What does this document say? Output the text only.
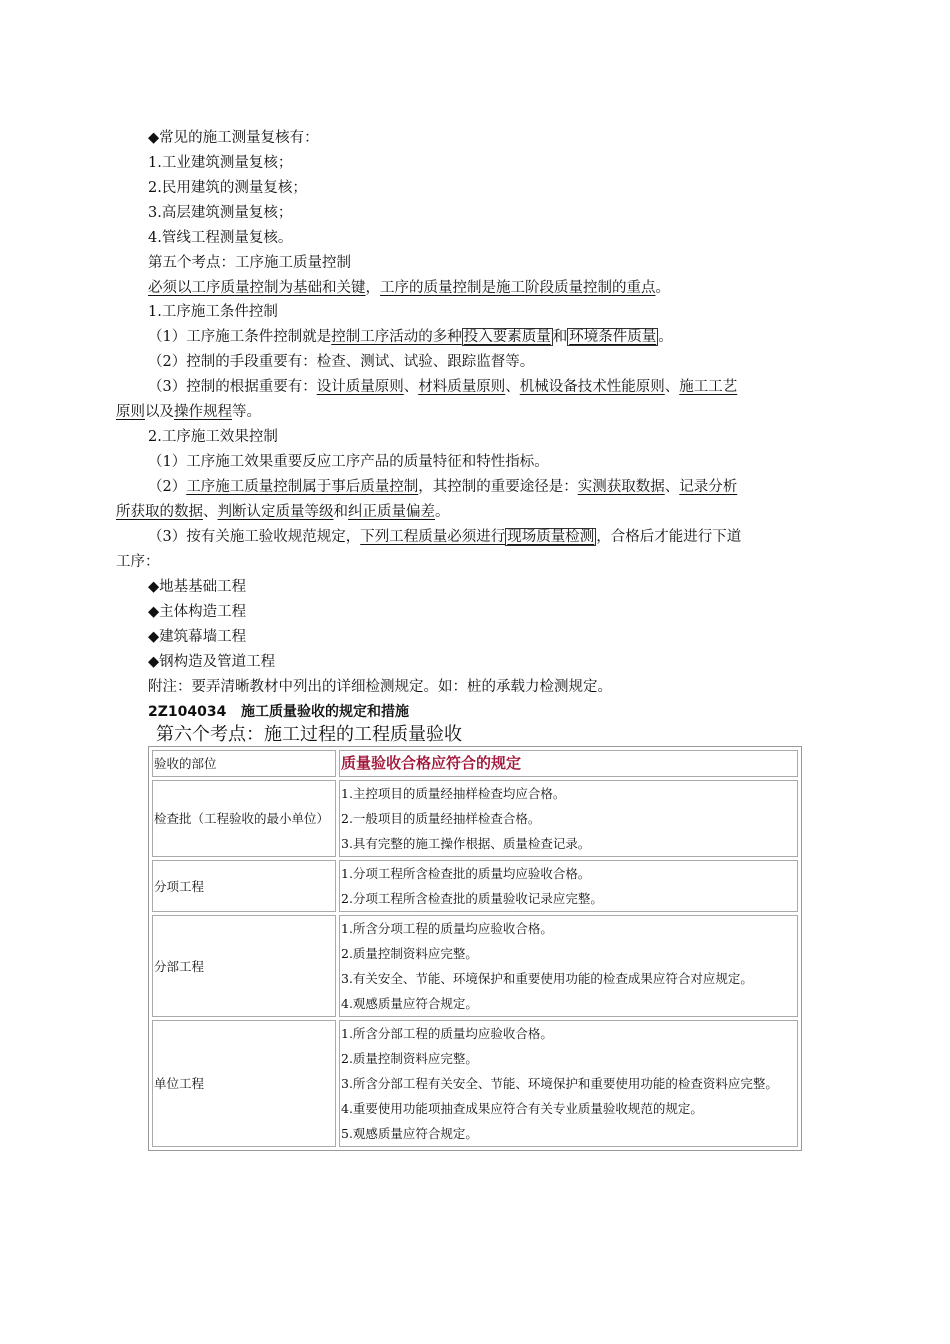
◆常见的施工测量复核有：
1.工业建筑测量复核；
2.民用建筑的测量复核；
3.高层建筑测量复核；
4.管线工程测量复核。
第五个考点：工序施工质量控制
必须以工序质量控制为基础和关键，工序的质量控制是施工阶段质量控制的重点。
1.工序施工条件控制
（1）工序施工条件控制就是控制工序活动的多种 投入要素质量 和 环境条件质量 。
（2）控制的手段重要有：检查、测试、试验、跟踪监督等。
（3）控制的根据重要有：设计质量原则、材料质量原则、机械设备技术性能原则、施工工艺
原则以及操作规程等。
2.工序施工效果控制
（1）工序施工效果重要反应工序产品的质量特征和特性指标。
（2）工序施工质量控制属于事后质量控制，其控制的重要途径是：实测获取数据、记录分析
所获取的数据、判断认定质量等级和纠正质量偏差。
（3）按有关施工验收规范规定，下列工程质量必须进行 现场质量检测 ，合格后才能进行下道
工序：
◆地基基础工程
◆主体构造工程
◆建筑幕墙工程
◆钢构造及管道工程
附注：要弄清晰教材中列出的详细检测规定。如：桩的承载力检测规定。
2Z104034   施工质量验收的规定和措施
第六个考点：施工过程的工程质量验收
验收的部位	质量验收合格应符合的规定
检查批（工程验收的最小单位）	1.主控项目的质量经抽样检查均应合格。
2.一般项目的质量经抽样检查合格。
3.具有完整的施工操作根据、质量检查记录。

分项工程	1.分项工程所含检查批的质量均应验收合格。
2.分项工程所含检查批的质量验收记录应完整。

分部工程	1.所含分项工程的质量均应验收合格。
2.质量控制资料应完整。
3.有关安全、节能、环境保护和重要使用功能的检查成果应符合对应规定。
4.观感质量应符合规定。

单位工程	1.所含分部工程的质量均应验收合格。
2.质量控制资料应完整。
3.所含分部工程有关安全、节能、环境保护和重要使用功能的检查资料应完整。
4.重要使用功能项抽查成果应符合有关专业质量验收规范的规定。
5.观感质量应符合规定。
